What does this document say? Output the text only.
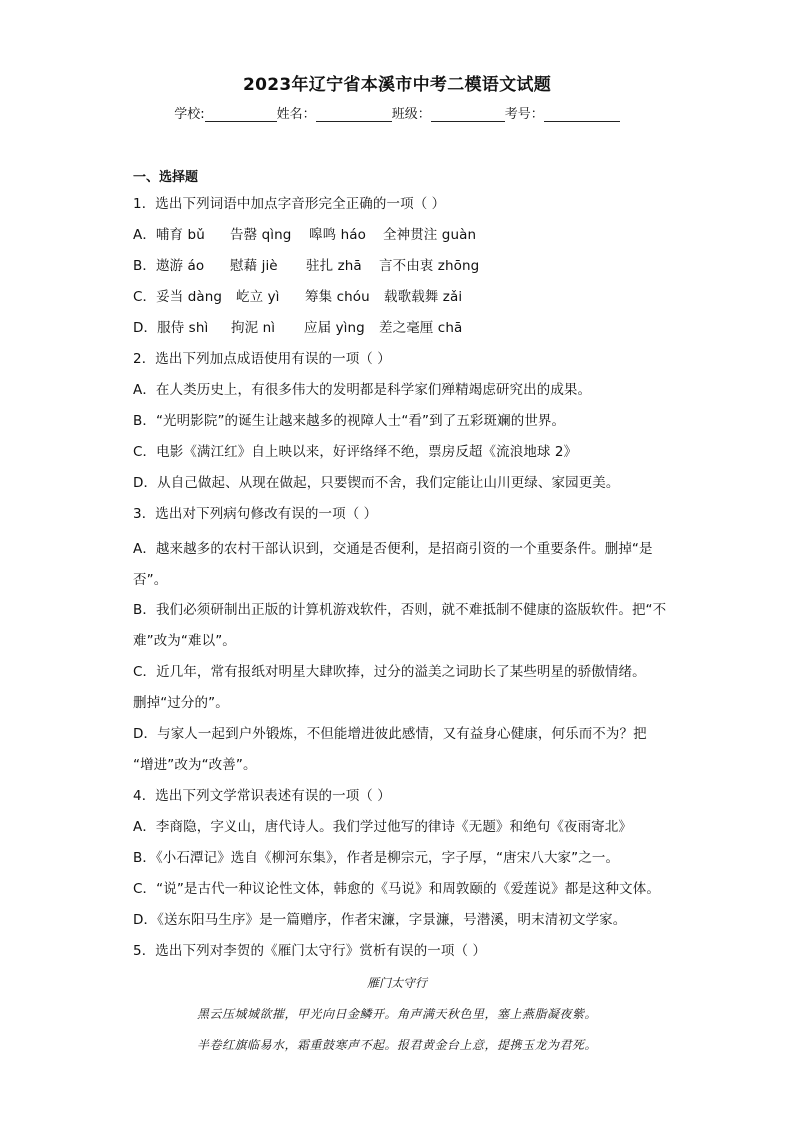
2023年辽宁省本溪市中考二模语文试题
学校:	姓名：	班级：	考号：
一、选择题
1．选出下列词语中加点字音形完全正确的一项（ ）
A．哺育 bǔ 告罄 qìng 嗥鸣 háo 全神贯注 guàn
B．遨游 áo 慰藉 jiè 驻扎 zhā 言不由衷 zhōng
C．妥当 dàng 屹立 yì 筹集 chóu 载歌载舞 zǎi
D．服侍 shì 拘泥 nì 应届 yìng 差之毫厘 chā
2．选出下列加点成语使用有误的一项（ ）
A．在人类历史上，有很多伟大的发明都是科学家们殚精竭虑研究出的成果。
B．“光明影院”的诞生让越来越多的视障人士“看”到了五彩斑斓的世界。
C．电影《满江红》自上映以来，好评络绎不绝，票房反超《流浪地球 2》
D．从自己做起、从现在做起，只要锲而不舍，我们定能让山川更绿、家园更美。
3．选出对下列病句修改有误的一项（ ）
A．越来越多的农村干部认识到，交通是否便利，是招商引资的一个重要条件。删掉“是
否”。
B．我们必须研制出正版的计算机游戏软件，否则，就不难抵制不健康的盗版软件。把“不
难”改为“难以”。
C．近几年，常有报纸对明星大肆吹捧，过分的溢美之词助长了某些明星的骄傲情绪。
删掉“过分的”。
D．与家人一起到户外锻炼，不但能增进彼此感情，又有益身心健康，何乐而不为？把
“增进”改为“改善”。
4．选出下列文学常识表述有误的一项（ ）
A．李商隐，字义山，唐代诗人。我们学过他写的律诗《无题》和绝句《夜雨寄北》
B．《小石潭记》选自《柳河东集》，作者是柳宗元，字子厚，“唐宋八大家”之一。
C．“说”是古代一种议论性文体，韩愈的《马说》和周敦颐的《爱莲说》都是这种文体。
D．《送东阳马生序》是一篇赠序，作者宋濂，字景濂，号潜溪，明末清初文学家。
5．选出下列对李贺的《雁门太守行》赏析有误的一项（ ）
雁门太守行
黑云压城城欲摧，甲光向日金鳞开。角声满天秋色里，塞上燕脂凝夜紫。
半卷红旗临易水，霜重鼓寒声不起。报君黄金台上意，提携玉龙为君死。
